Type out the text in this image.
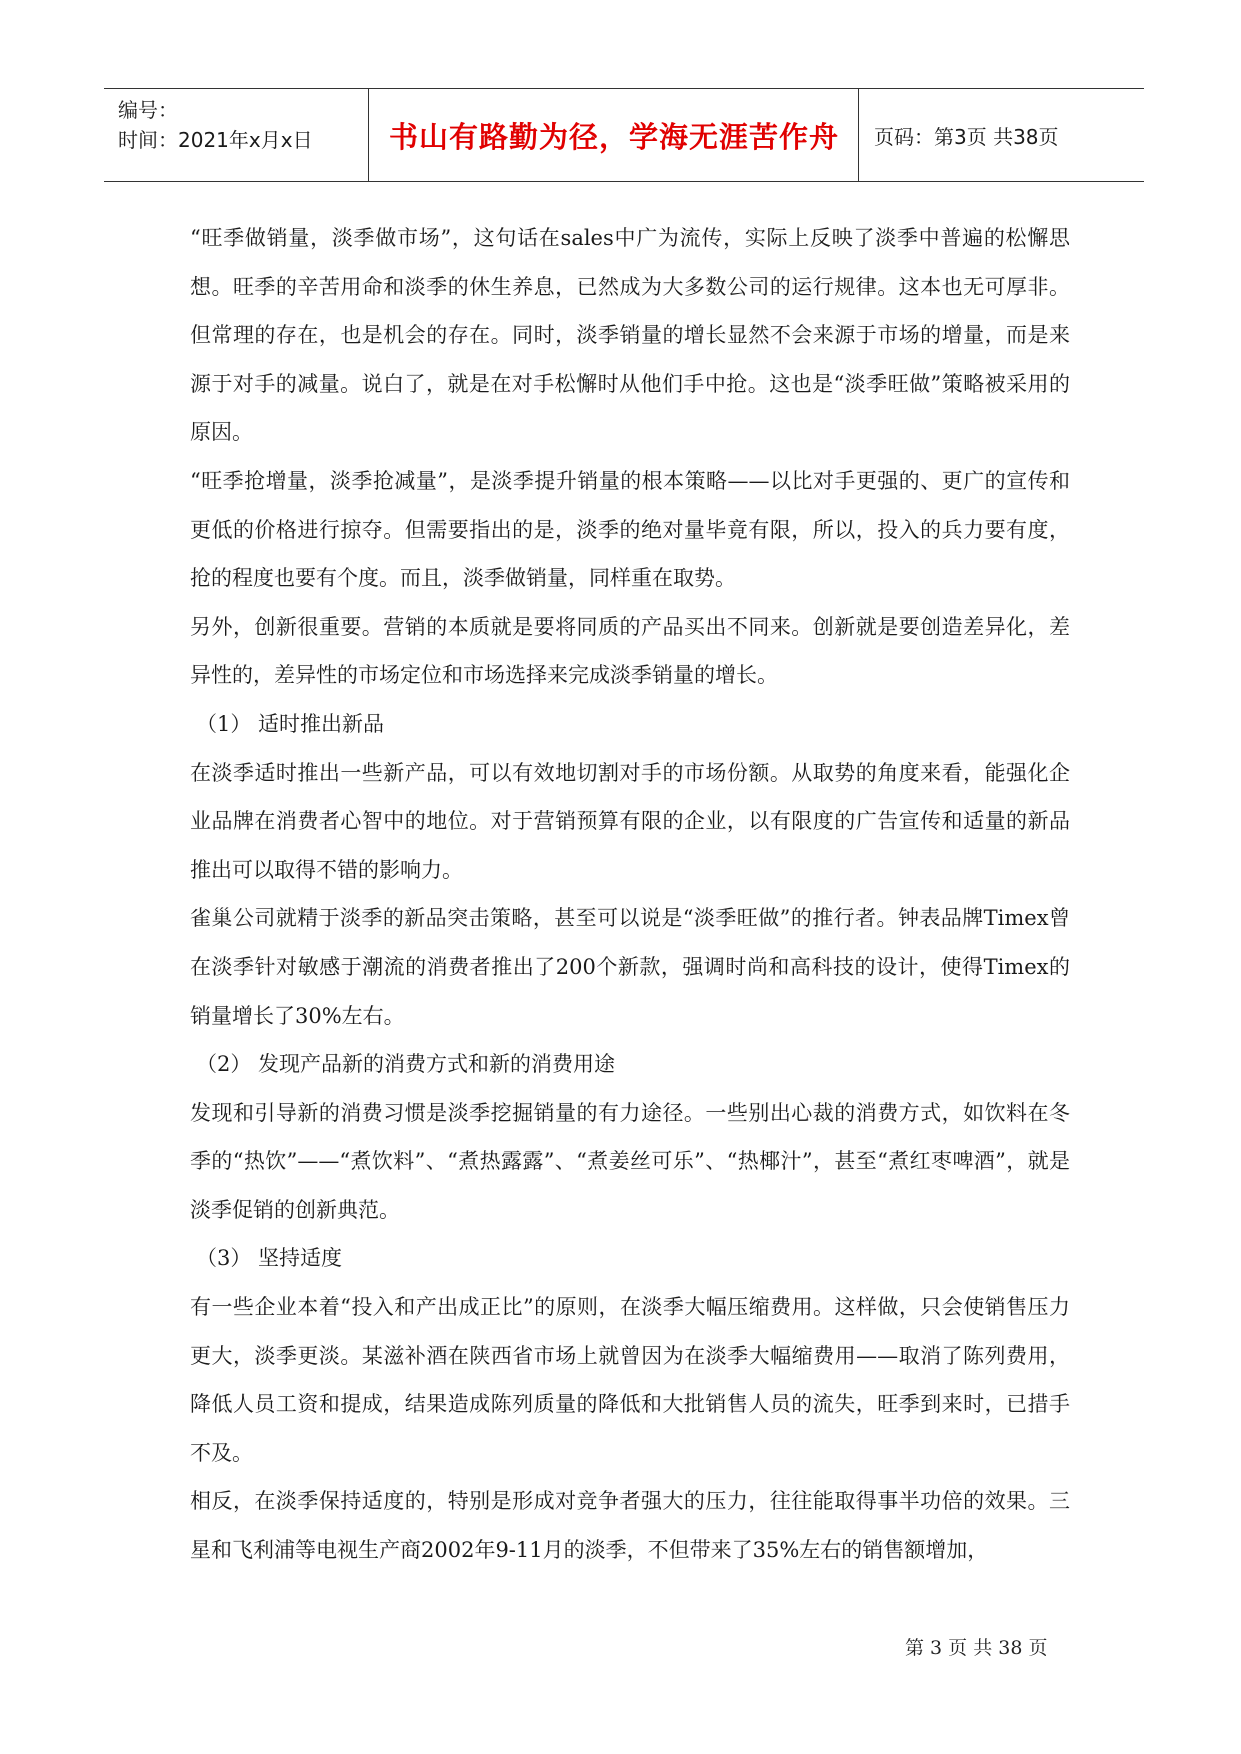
编号：
时间：2021年x月x日	书山有路勤为径，学海无涯苦作舟	页码：第3页 共38页

“旺季做销量，淡季做市场”，这句话在sales中广为流传，实际上反映了淡季中普遍的松懈思想。旺季的辛苦用命和淡季的休生养息，已然成为大多数公司的运行规律。这本也无可厚非。但常理的存在，也是机会的存在。同时，淡季销量的增长显然不会来源于市场的增量，而是来源于对手的减量。说白了，就是在对手松懈时从他们手中抢。这也是“淡季旺做”策略被采用的原因。

“旺季抢增量，淡季抢减量”，是淡季提升销量的根本策略——以比对手更强的、更广的宣传和更低的价格进行掠夺。但需要指出的是，淡季的绝对量毕竟有限，所以，投入的兵力要有度，抢的程度也要有个度。而且，淡季做销量，同样重在取势。

另外，创新很重要。营销的本质就是要将同质的产品买出不同来。创新就是要创造差异化，差异性的，差异性的市场定位和市场选择来完成淡季销量的增长。

（1） 适时推出新品

在淡季适时推出一些新产品，可以有效地切割对手的市场份额。从取势的角度来看，能强化企业品牌在消费者心智中的地位。对于营销预算有限的企业，以有限度的广告宣传和适量的新品推出可以取得不错的影响力。

雀巢公司就精于淡季的新品突击策略，甚至可以说是“淡季旺做”的推行者。钟表品牌Timex曾在淡季针对敏感于潮流的消费者推出了200个新款，强调时尚和高科技的设计，使得Timex的销量增长了30%左右。

（2） 发现产品新的消费方式和新的消费用途

发现和引导新的消费习惯是淡季挖掘销量的有力途径。一些别出心裁的消费方式，如饮料在冬季的“热饮”——“煮饮料”、“煮热露露”、“煮姜丝可乐”、“热椰汁”，甚至“煮红枣啤酒”，就是淡季促销的创新典范。

（3） 坚持适度

有一些企业本着“投入和产出成正比”的原则，在淡季大幅压缩费用。这样做，只会使销售压力更大，淡季更淡。某滋补酒在陕西省市场上就曾因为在淡季大幅缩费用——取消了陈列费用，降低人员工资和提成，结果造成陈列质量的降低和大批销售人员的流失，旺季到来时，已措手不及。

相反，在淡季保持适度的，特别是形成对竞争者强大的压力，往往能取得事半功倍的效果。三星和飞利浦等电视生产商2002年9-11月的淡季，不但带来了35%左右的销售额增加，

第 3 页 共 38 页
